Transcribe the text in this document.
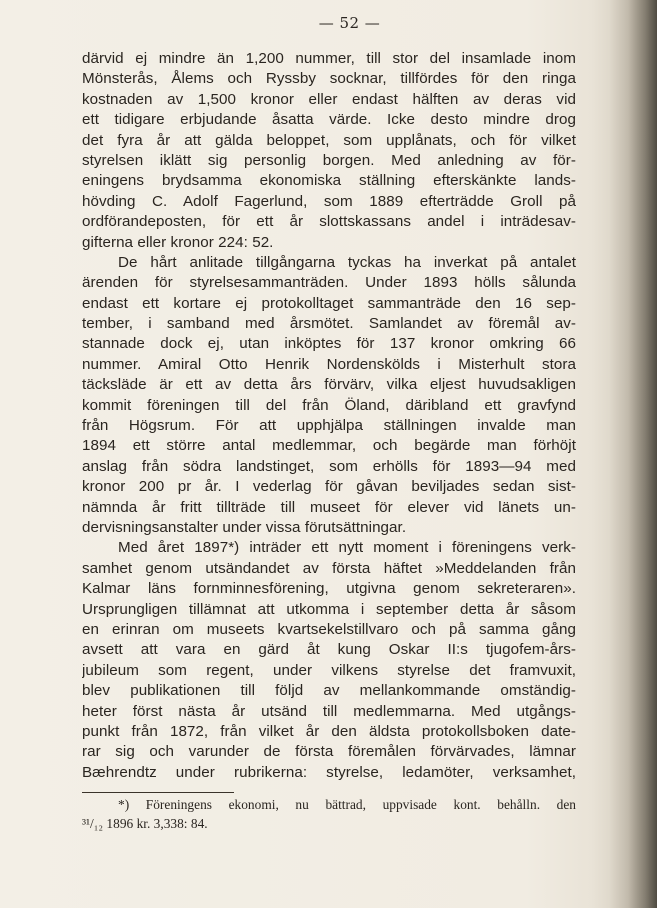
— 52 —
därvid ej mindre än 1,200 nummer, till stor del insamlade inom
Mönsterås, Ålems och Ryssby socknar, tillfördes för den ringa
kostnaden av 1,500 kronor eller endast hälften av deras vid
ett tidigare erbjudande åsatta värde. Icke desto mindre drog
det fyra år att gälda beloppet, som upplånats, och för vilket
styrelsen iklätt sig personlig borgen. Med anledning av för-
eningens brydsamma ekonomiska ställning efterskänkte lands-
hövding C. Adolf Fagerlund, som 1889 efterträdde Groll på
ordförandeposten, för ett år slottskassans andel i inträdesav-
gifterna eller kronor 224: 52.
De hårt anlitade tillgångarna tyckas ha inverkat på antalet
ärenden för styrelsesammanträden. Under 1893 hölls sålunda
endast ett kortare ej protokolltaget sammanträde den 16 sep-
tember, i samband med årsmötet. Samlandet av föremål av-
stannade dock ej, utan inköptes för 137 kronor omkring 66
nummer. Amiral Otto Henrik Nordenskölds i Misterhult stora
täcksläde är ett av detta års förvärv, vilka eljest huvudsakligen
kommit föreningen till del från Öland, däribland ett gravfynd
från Högsrum. För att upphjälpa ställningen invalde man
1894 ett större antal medlemmar, och begärde man förhöjt
anslag från södra landstinget, som erhölls för 1893—94 med
kronor 200 pr år. I vederlag för gåvan beviljades sedan sist-
nämnda år fritt tillträde till museet för elever vid länets un-
dervisningsanstalter under vissa förutsättningar.
Med året 1897*) inträder ett nytt moment i föreningens verk-
samhet genom utsändandet av första häftet »Meddelanden från
Kalmar läns fornminnesförening, utgivna genom sekreteraren».
Ursprungligen tillämnat att utkomma i september detta år såsom
en erinran om museets kvartsekelstillvaro och på samma gång
avsett att vara en gärd åt kung Oskar II:s tjugofem-års-
jubileum som regent, under vilkens styrelse det framvuxit,
blev publikationen till följd av mellankommande omständig-
heter först nästa år utsänd till medlemmarna. Med utgångs-
punkt från 1872, från vilket år den äldsta protokollsboken date-
rar sig och varunder de första föremålen förvärvades, lämnar
Bæhrendtz under rubrikerna: styrelse, ledamöter, verksamhet,
*) Föreningens ekonomi, nu bättrad, uppvisade kont. behålln. den
³¹/₁₂ 1896 kr. 3,338: 84.
